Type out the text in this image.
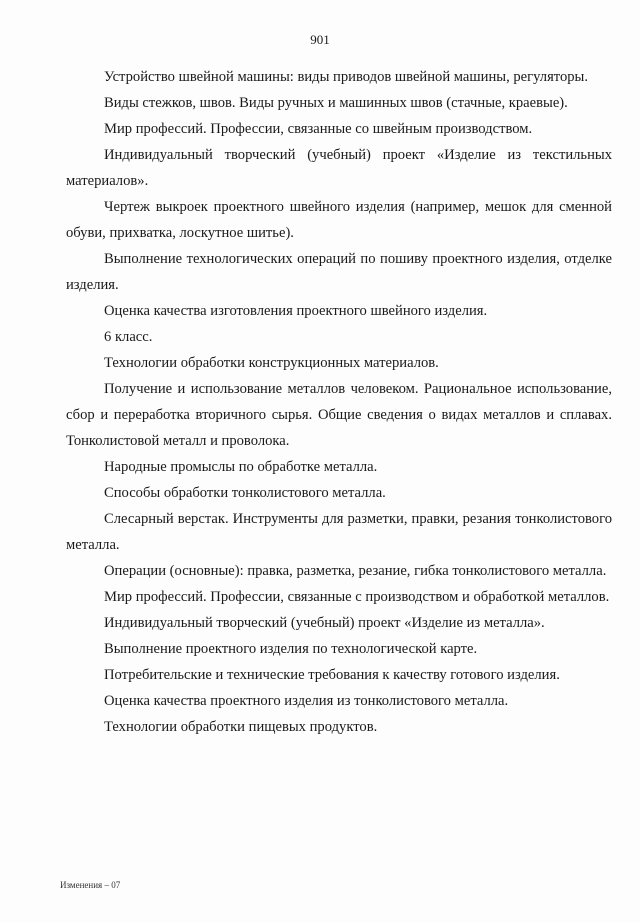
901

Устройство швейной машины: виды приводов швейной машины, регуляторы.

Виды стежков, швов. Виды ручных и машинных швов (стачные, краевые).

Мир профессий. Профессии, связанные со швейным производством.

Индивидуальный творческий (учебный) проект «Изделие из текстильных материалов».

Чертеж выкроек проектного швейного изделия (например, мешок для сменной обуви, прихватка, лоскутное шитье).

Выполнение технологических операций по пошиву проектного изделия, отделке изделия.

Оценка качества изготовления проектного швейного изделия.

6 класс.

Технологии обработки конструкционных материалов.

Получение и использование металлов человеком. Рациональное использование, сбор и переработка вторичного сырья. Общие сведения о видах металлов и сплавах. Тонколистовой металл и проволока.

Народные промыслы по обработке металла.

Способы обработки тонколистового металла.

Слесарный верстак. Инструменты для разметки, правки, резания тонколистового металла.

Операции (основные): правка, разметка, резание, гибка тонколистового металла.

Мир профессий. Профессии, связанные с производством и обработкой металлов.

Индивидуальный творческий (учебный) проект «Изделие из металла».

Выполнение проектного изделия по технологической карте.

Потребительские и технические требования к качеству готового изделия.

Оценка качества проектного изделия из тонколистового металла.

Технологии обработки пищевых продуктов.

Изменения – 07
